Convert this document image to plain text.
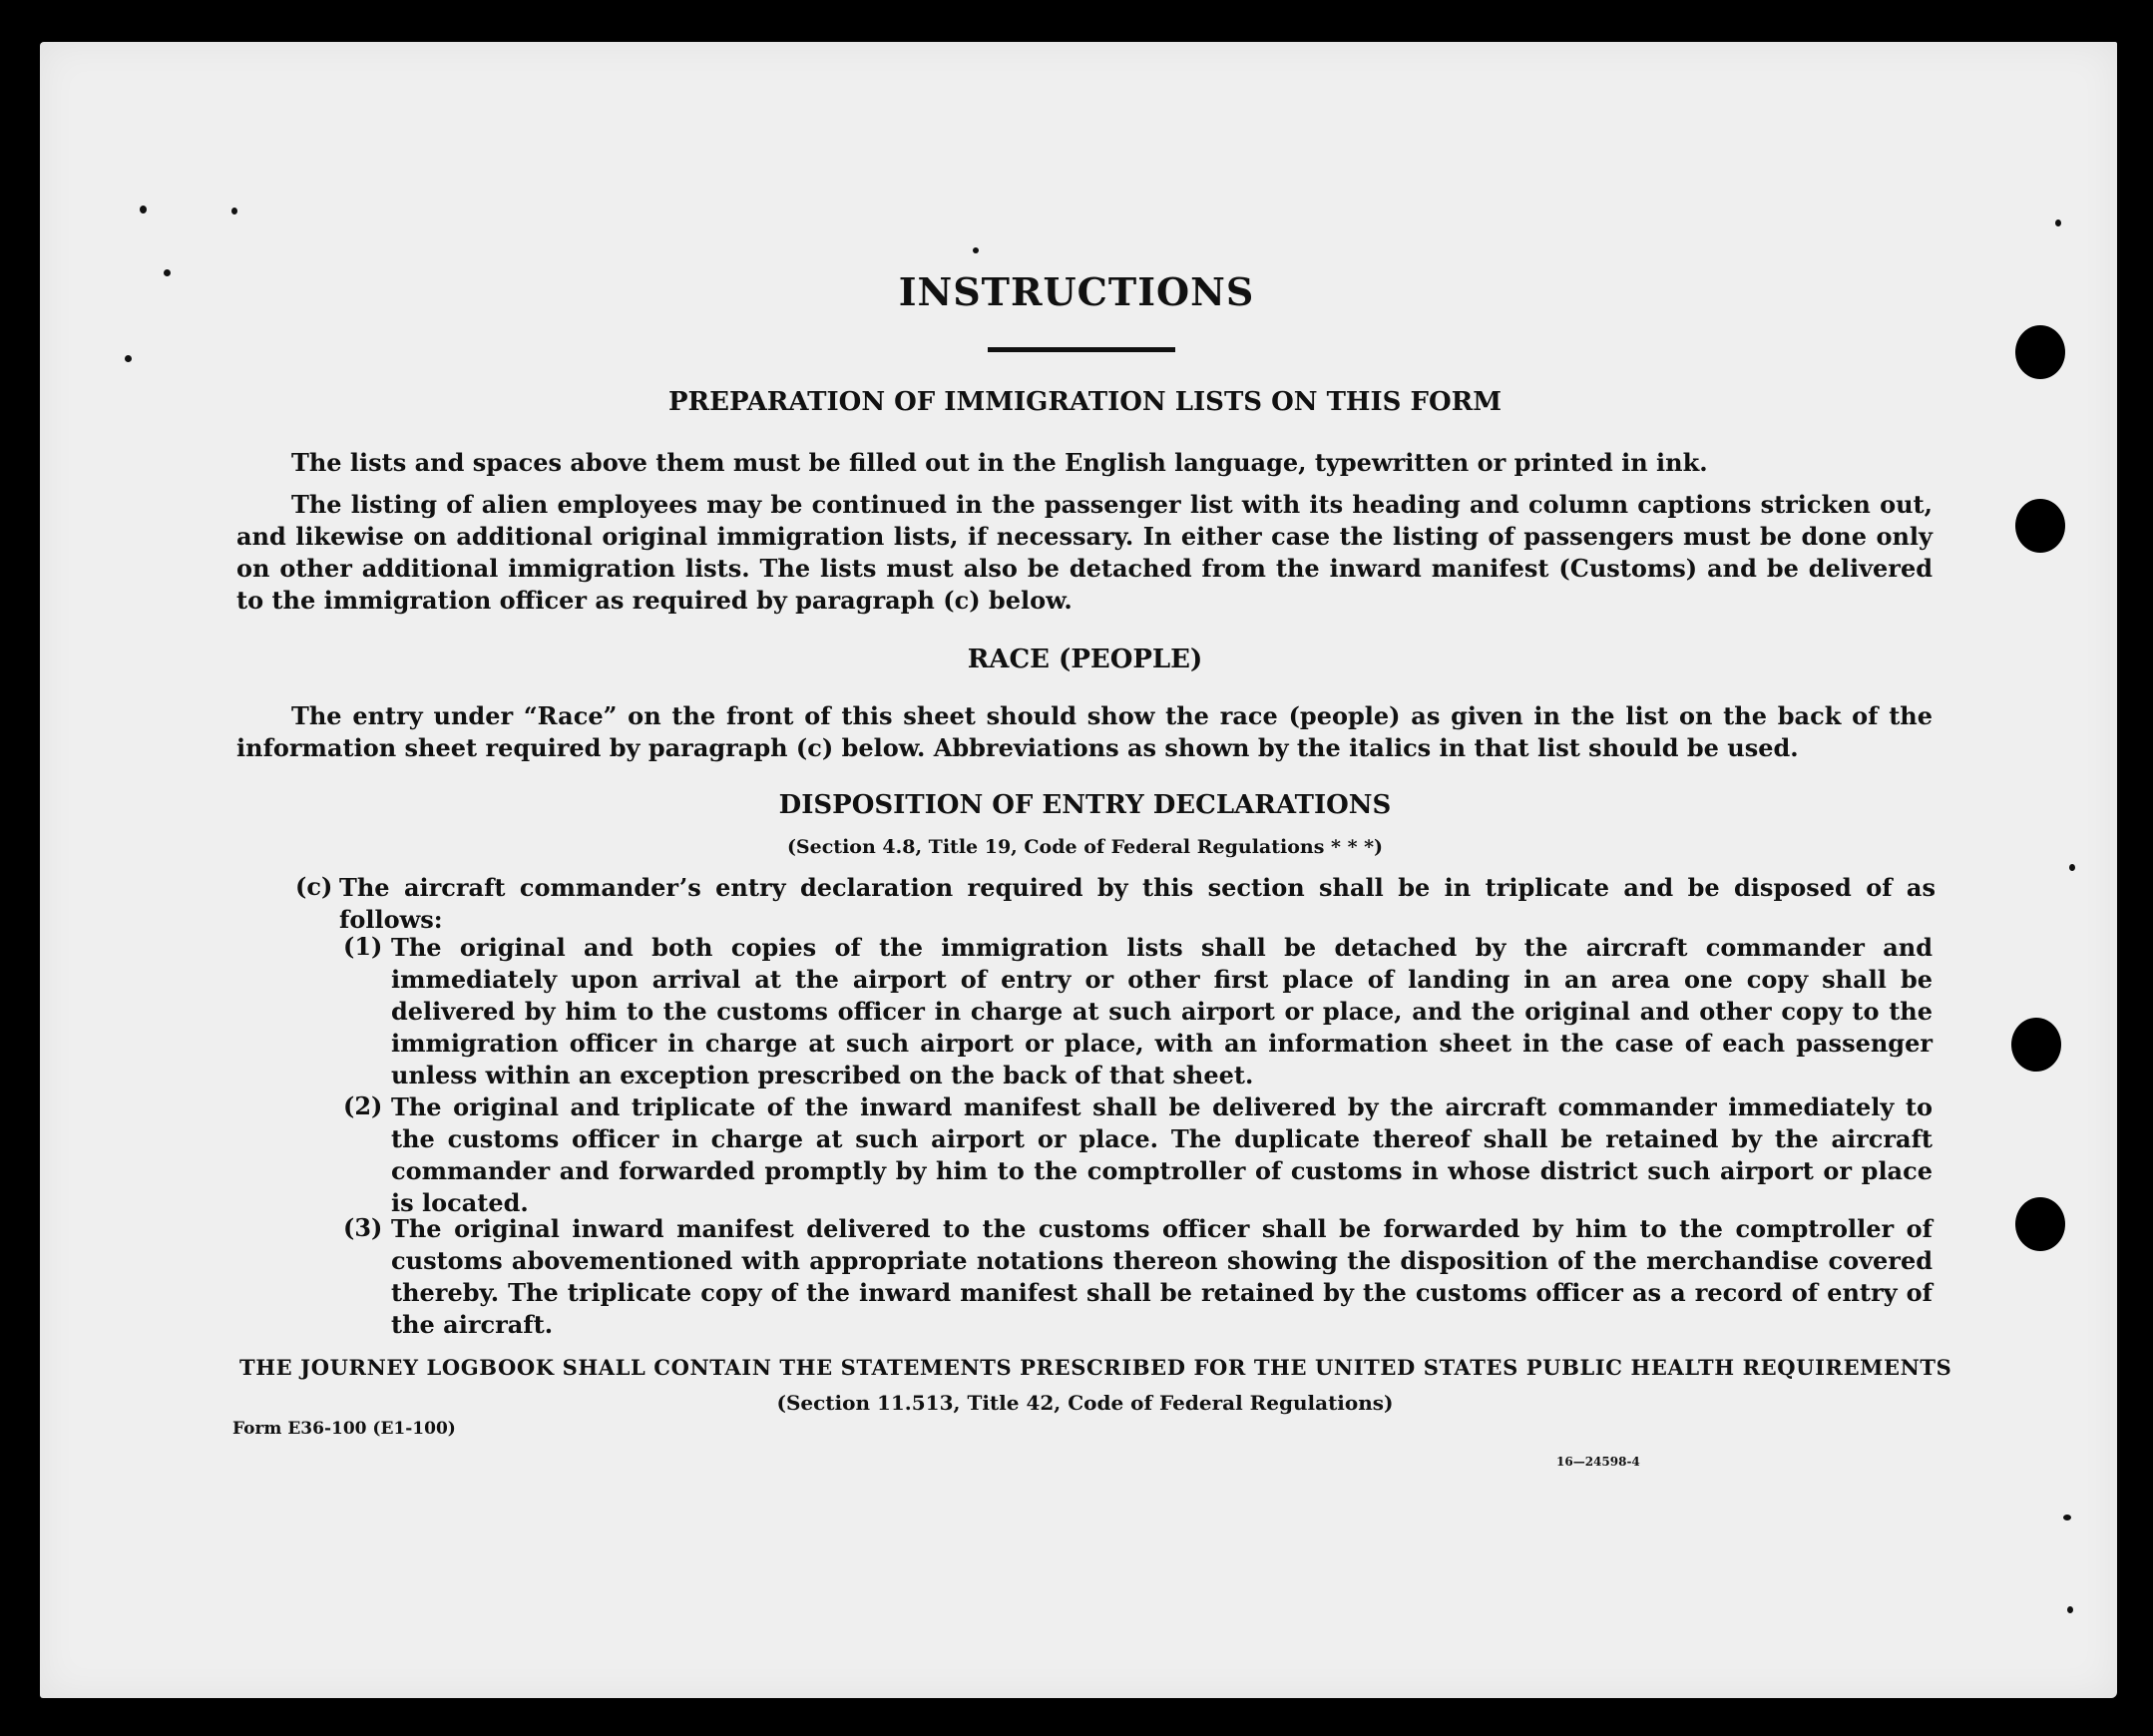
INSTRUCTIONS
PREPARATION OF IMMIGRATION LISTS ON THIS FORM
The lists and spaces above them must be filled out in the English language, typewritten or printed in ink.
The listing of alien employees may be continued in the passenger list with its heading and column captions stricken out, and likewise on additional original immigration lists, if necessary. In either case the listing of passengers must be done only on other additional immigration lists. The lists must also be detached from the inward manifest (Customs) and be delivered to the immigration officer as required by paragraph (c) below.
RACE (PEOPLE)
The entry under “Race” on the front of this sheet should show the race (people) as given in the list on the back of the information sheet required by paragraph (c) below. Abbreviations as shown by the italics in that list should be used.
DISPOSITION OF ENTRY DECLARATIONS
(Section 4.8, Title 19, Code of Federal Regulations * * *)
(c) The aircraft commander’s entry declaration required by this section shall be in triplicate and be disposed of as follows:
(1) The original and both copies of the immigration lists shall be detached by the aircraft commander and immediately upon arrival at the airport of entry or other first place of landing in an area one copy shall be delivered by him to the customs officer in charge at such airport or place, and the original and other copy to the immigration officer in charge at such airport or place, with an information sheet in the case of each passenger unless within an exception prescribed on the back of that sheet.
(2) The original and triplicate of the inward manifest shall be delivered by the aircraft commander immediately to the customs officer in charge at such airport or place. The duplicate thereof shall be retained by the aircraft commander and forwarded promptly by him to the comptroller of customs in whose district such airport or place is located.
(3) The original inward manifest delivered to the customs officer shall be forwarded by him to the comptroller of customs abovementioned with appropriate notations thereon showing the disposition of the merchandise covered thereby. The triplicate copy of the inward manifest shall be retained by the customs officer as a record of entry of the aircraft.
THE JOURNEY LOGBOOK SHALL CONTAIN THE STATEMENTS PRESCRIBED FOR THE UNITED STATES PUBLIC HEALTH REQUIREMENTS
(Section 11.513, Title 42, Code of Federal Regulations)
Form E36-100 (E1-100)
16—24598-4
